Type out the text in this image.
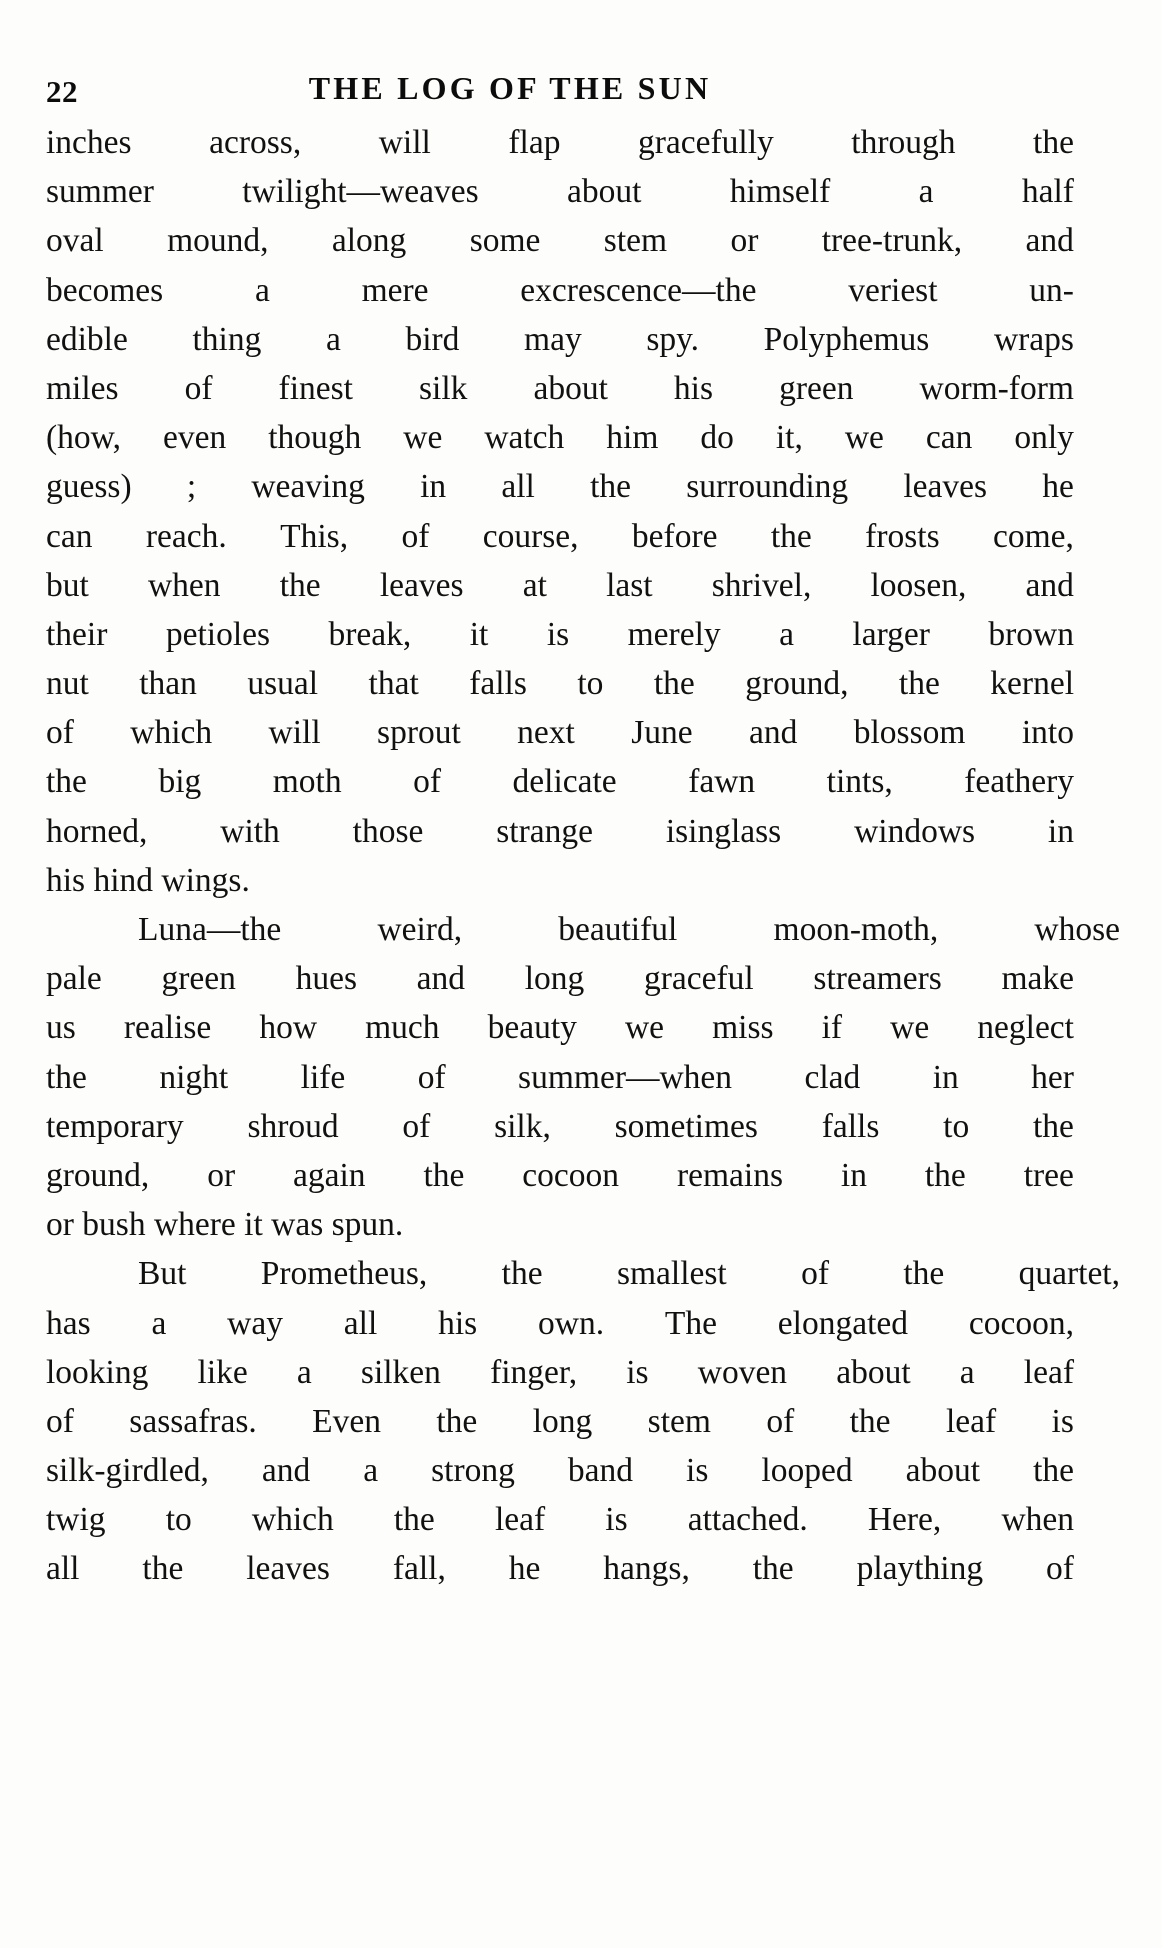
22	THE LOG OF THE SUN
inches across, will flap gracefully through the
summer	twilight—weaves	about	himself	a	half
oval mound, along some stem or tree-trunk, and
becomes	a	mere	excrescence—the	veriest	un-
edible thing a bird may spy. Polyphemus wraps
miles of finest silk about his green worm-form
(how, even though we watch him do it, we can only
guess) ; weaving in all the surrounding leaves he
can reach. This, of course, before the frosts come,
but when the leaves at last shrivel, loosen, and
their petioles break, it is merely a larger brown
nut than usual that falls to the ground, the kernel
of which will sprout next June and blossom into
the big moth of delicate fawn tints, feathery
horned, with those strange isinglass windows in
his hind wings.
Luna—the	weird,	beautiful	moon-moth,	whose
pale green hues and long graceful streamers make
us realise how much beauty we miss if we neglect
the night life of summer—when clad in her
temporary shroud of silk, sometimes falls to the
ground, or again the cocoon remains in the tree
or bush where it was spun.
But Prometheus, the smallest of the quartet,
has a way all his own. The elongated cocoon,
looking like a silken finger, is woven about a leaf
of sassafras. Even the long stem of the leaf is
silk-girdled, and a strong band is looped about the
twig to which the leaf is attached. Here, when
all the leaves fall, he hangs, the plaything of
